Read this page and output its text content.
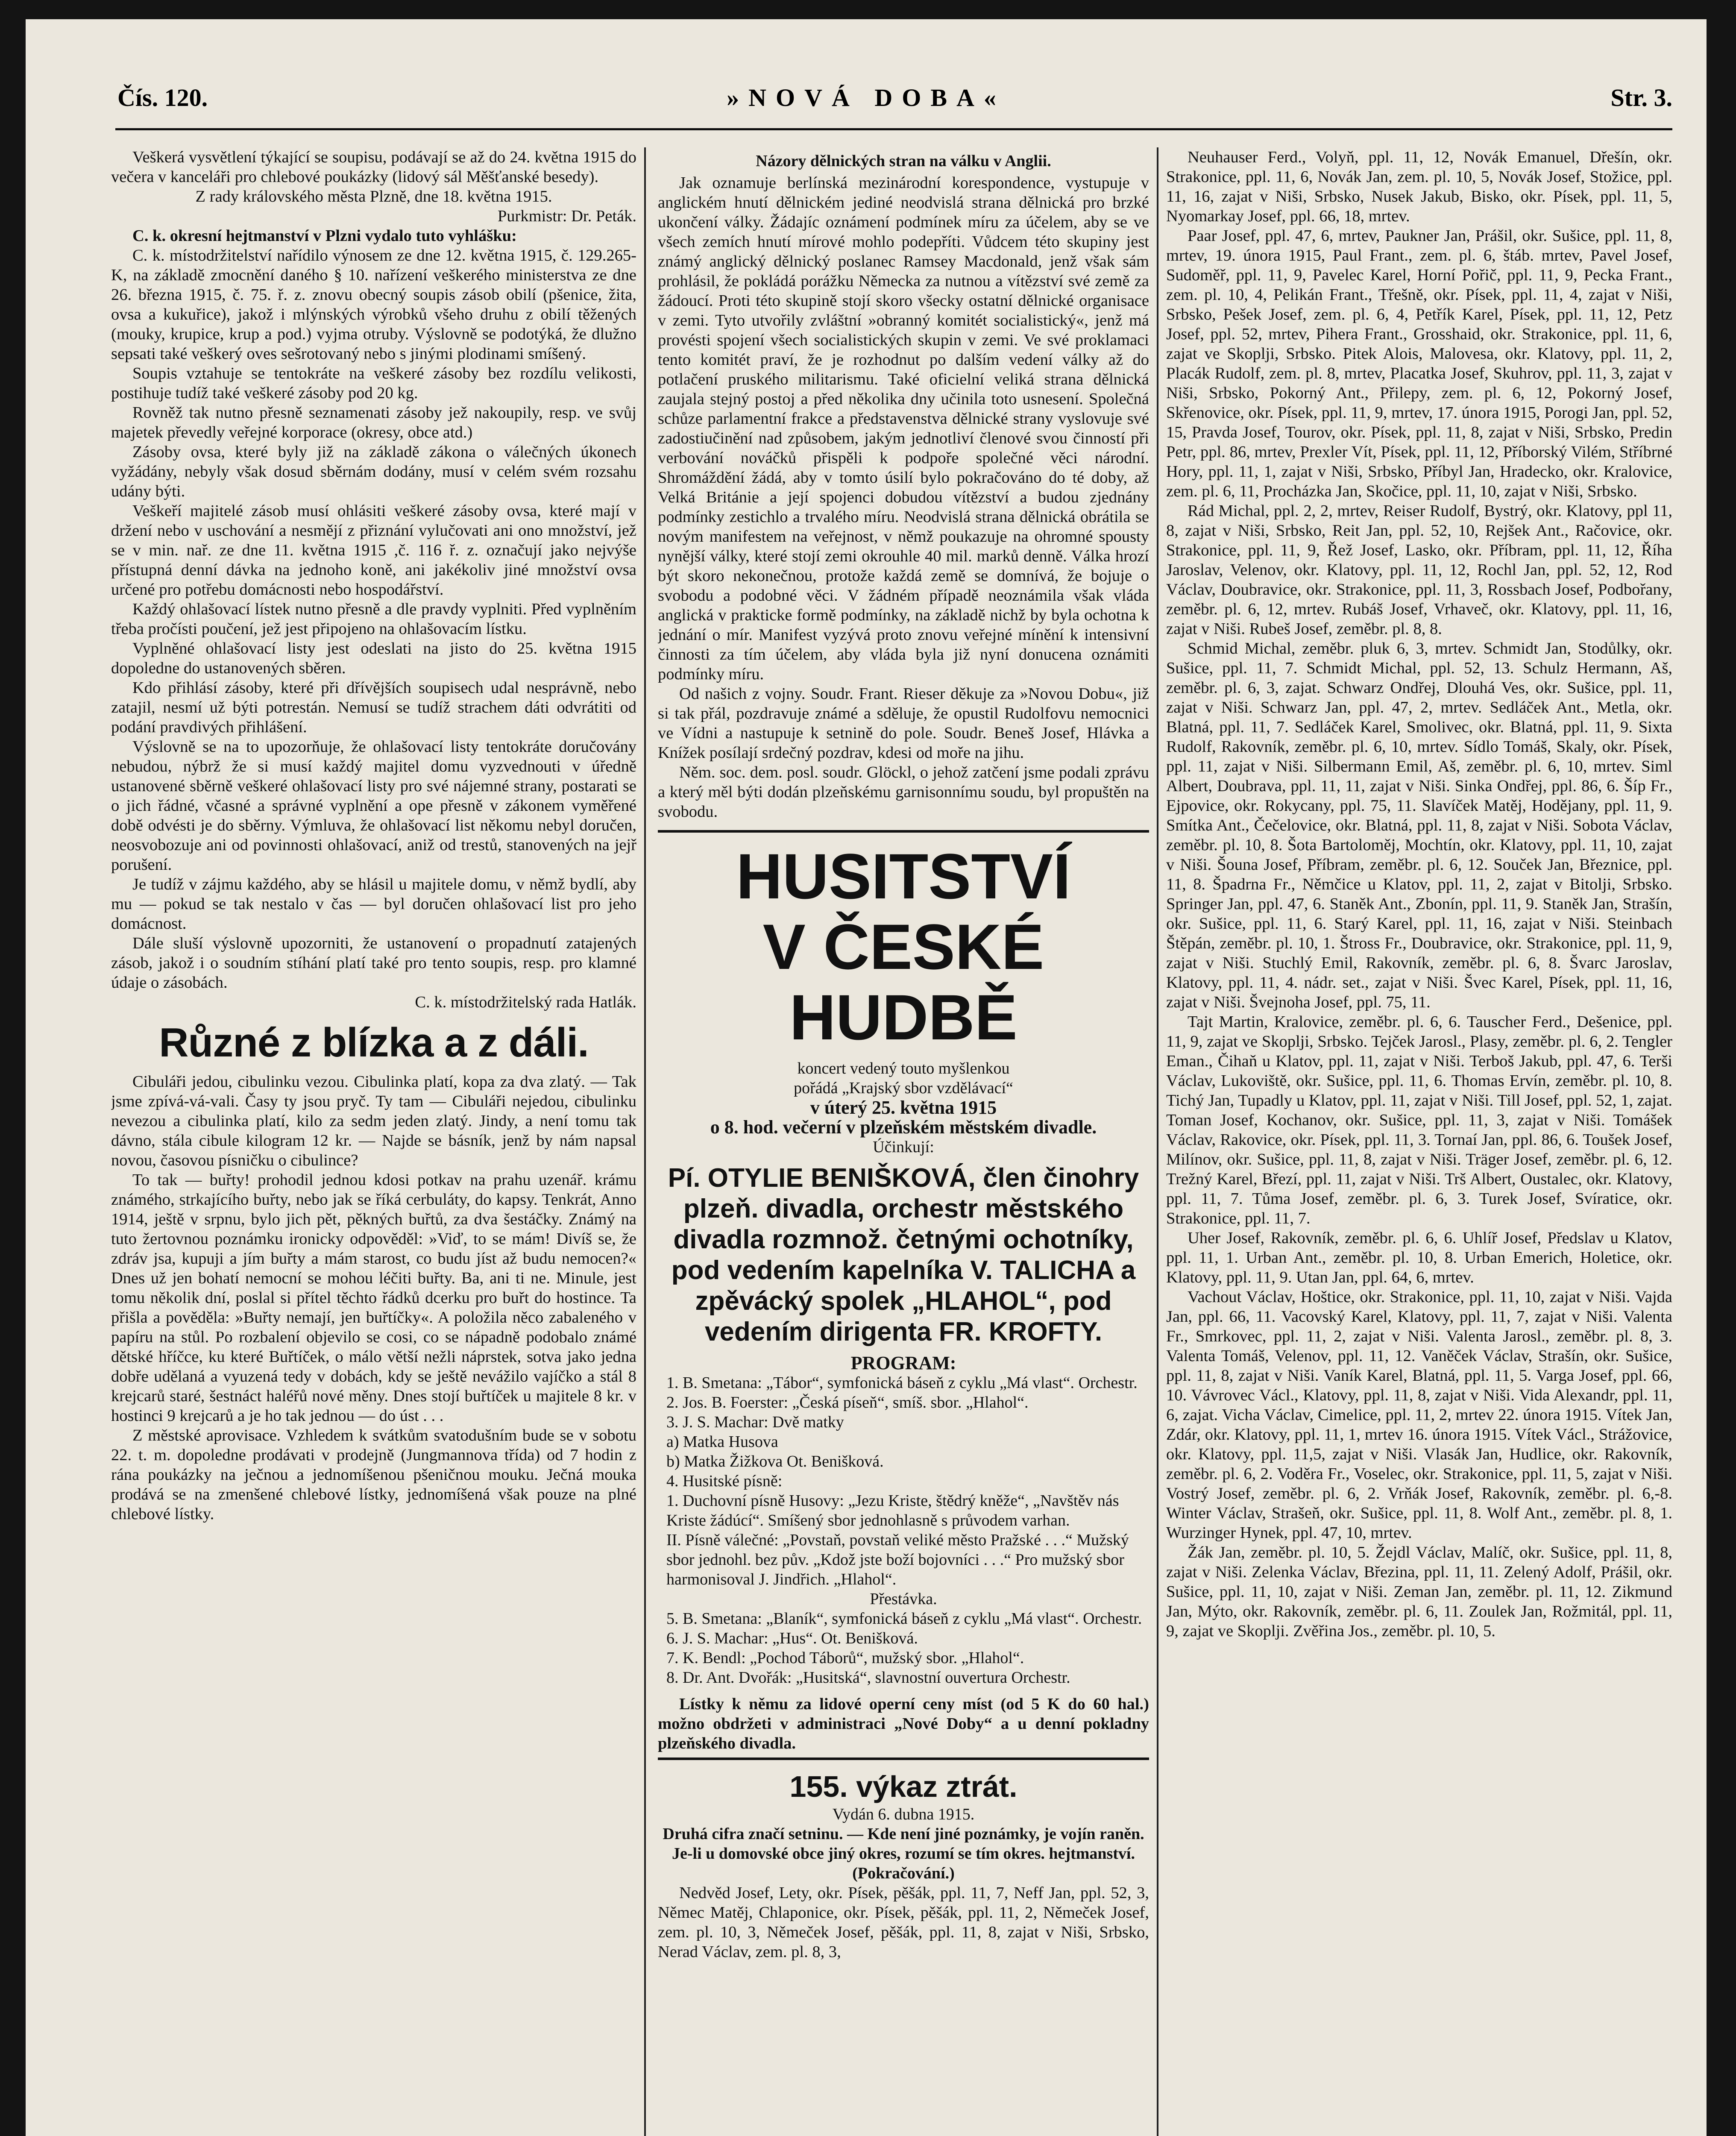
Čís. 120.	»NOVÁ DOBA«	Str. 3.

Veškerá vysvětlení týkající se soupisu, podávají se až do 24. května 1915 do večera v kanceláři pro chlebové poukázky (lidový sál Měšťanské besedy).

Z rady královského města Plzně, dne 18. května 1915.

Purkmistr: Dr. Peták.

C. k. okresní hejtmanství v Plzni vydalo tuto vyhlášku:

C. k. místodržitelství nařídilo výnosem ze dne 12. května 1915, č. 129.265-K, na základě zmocnění daného § 10. nařízení veškerého ministerstva ze dne 26. března 1915, č. 75. ř. z. znovu obecný soupis zásob obilí (pšenice, žita, ovsa a kukuřice), jakož i mlýnských výrobků všeho druhu z obilí těžených (mouky, krupice, krup a pod.) vyjma otruby. Výslovně se podotýká, že dlužno sepsati také veškerý oves sešrotovaný nebo s jinými plodinami smíšený.

Soupis vztahuje se tentokráte na veškeré zásoby bez rozdílu velikosti, postihuje tudíž také veškeré zásoby pod 20 kg.

Rovněž tak nutno přesně seznamenati zásoby jež nakoupily, resp. ve svůj majetek převedly veřejné korporace (okresy, obce atd.)

Zásoby ovsa, které byly již na základě zákona o válečných úkonech vyžádány, nebyly však dosud sběrnám dodány, musí v celém svém rozsahu udány býti.

Veškeří majitelé zásob musí ohlásiti veškeré zásoby ovsa, které mají v držení nebo v uschování a nesmějí z přiznání vylučovati ani ono množství, jež se v min. nař. ze dne 11. května 1915 ,č. 116 ř. z. označují jako nejvýše přístupná denní dávka na jednoho koně, ani jakékoliv jiné množství ovsa určené pro potřebu domácnosti nebo hospodářství.

Každý ohlašovací lístek nutno přesně a dle pravdy vyplniti. Před vyplněním třeba pročísti poučení, jež jest připojeno na ohlašovacím lístku.

Vyplněné ohlašovací listy jest odeslati na jisto do 25. května 1915 dopoledne do ustanovených sběren.

Kdo přihlásí zásoby, které při dřívějších soupisech udal nesprávně, nebo zatajil, nesmí už býti potrestán. Nemusí se tudíž strachem dáti odvrátiti od podání pravdivých přihlášení.

Výslovně se na to upozorňuje, že ohlašovací listy tentokráte doručovány nebudou, nýbrž že si musí každý majitel domu vyzvednouti v úředně ustanovené sběrně veškeré ohlašovací listy pro své nájemné strany, postarati se o jich řádné, včasné a správné vyplnění a ope přesně v zákonem vyměřené době odvésti je do sběrny. Výmluva, že ohlašovací list někomu nebyl doručen, neosvobozuje ani od povinnosti ohlašovací, aniž od trestů, stanovených na jejř porušení.

Je tudíž v zájmu každého, aby se hlásil u majitele domu, v němž bydlí, aby mu — pokud se tak nestalo v čas — byl doručen ohlašovací list pro jeho domácnost.

Dále sluší výslovně upozorniti, že ustanovení o propadnutí zatajených zásob, jakož i o soudním stíhání platí také pro tento soupis, resp. pro klamné údaje o zásobách.

C. k. místodržitelský rada Hatlák.

Různé z blízka a z dáli.

Cibuláři jedou, cibulinku vezou. Cibulinka platí, kopa za dva zlatý. — Tak jsme zpívá-vá-vali. Časy ty jsou pryč. Ty tam — Cibuláři nejedou, cibulinku nevezou a cibulinka platí, kilo za sedm jeden zlatý. Jindy, a není tomu tak dávno, stála cibule kilogram 12 kr. — Najde se básník, jenž by nám napsal novou, časovou písničku o cibulince?

To tak — buřty! prohodil jednou kdosi potkav na prahu uzenář. krámu známého, strkajícího buřty, nebo jak se říká cerbuláty, do kapsy. Tenkrát, Anno 1914, ještě v srpnu, bylo jich pět, pěkných buřtů, za dva šestáčky. Známý na tuto žertovnou poznámku ironicky odpověděl: »Viď, to se mám! Divíš se, že zdráv jsa, kupuji a jím buřty a mám starost, co budu jíst až budu nemocen?« Dnes už jen bohatí nemocní se mohou léčiti buřty. Ba, ani ti ne. Minule, jest tomu několik dní, poslal si přítel těchto řádků dcerku pro buřt do hostince. Ta přišla a pověděla: »Buřty nemají, jen buřtíčky«. A položila něco zabaleného v papíru na stůl. Po rozbalení objevilo se cosi, co se nápadně podobalo známé dětské hříčce, ku které Buřtíček, o málo větší nežli náprstek, sotva jako jedna dobře udělaná a vyuzená tedy v dobách, kdy se ještě nevážilo vajíčko a stál 8 krejcarů staré, šestnáct haléřů nové měny. Dnes stojí buřtíček u majitele 8 kr. v hostinci 9 krejcarů a je ho tak jednou — do úst . . .

Z městské aprovisace. Vzhledem k svátkům svatodušním bude se v sobotu 22. t. m. dopoledne prodávati v prodejně (Jungmannova třída) od 7 hodin z rána poukázky na ječnou a jednomíšenou pšeničnou mouku. Ječná mouka prodává se na zmenšené chlebové lístky, jednomíšená však pouze na plné chlebové lístky.

Názory dělnických stran na válku v Anglii.

Jak oznamuje berlínská mezinárodní korespondence, vystupuje v anglickém hnutí dělnickém jediné neodvislá strana dělnická pro brzké ukončení války. Žádajíc oznámení podmínek míru za účelem, aby se ve všech zemích hnutí mírové mohlo podepříti. Vůdcem této skupiny jest známý anglický dělnický poslanec Ramsey Macdonald, jenž však sám prohlásil, že pokládá porážku Německa za nutnou a vítězství své země za žádoucí. Proti této skupině stojí skoro všecky ostatní dělnické organisace v zemi. Tyto utvořily zvláštní »obranný komitét socialistický«, jenž má provésti spojení všech socialistických skupin v zemi. Ve své proklamaci tento komitét praví, že je rozhodnut po dalším vedení války až do potlačení pruského militarismu. Také oficielní veliká strana dělnická zaujala stejný postoj a před několika dny učinila toto usnesení. Společná schůze parlamentní frakce a představenstva dělnické strany vyslovuje své zadostiučinění nad způsobem, jakým jednotliví členové svou činností při verbování nováčků přispěli k podpoře společné věci národní. Shromáždění žádá, aby v tomto úsilí bylo pokračováno do té doby, až Velká Británie a její spojenci dobudou vítězství a budou zjednány podmínky zestichlo a trvalého míru. Neodvislá strana dělnická obrátila se novým manifestem na veřejnost, v němž poukazuje na ohromné spousty nynější války, které stojí zemi okrouhle 40 mil. marků denně. Válka hrozí být skoro nekonečnou, protože každá země se domnívá, že bojuje o svobodu a podobné věci. V žádném případě neoznámila však vláda anglická v prakticke formě podmínky, na základě nichž by byla ochotna k jednání o mír. Manifest vyzývá proto znovu veřejné mínění k intensivní činnosti za tím účelem, aby vláda byla již nyní donucena oznámiti podmínky míru.

Od našich z vojny. Soudr. Frant. Rieser děkuje za »Novou Dobu«, již si tak přál, pozdravuje známé a sděluje, že opustil Rudolfovu nemocnici ve Vídni a nastupuje k setnině do pole. Soudr. Beneš Josef, Hlávka a Knížek posílají srdečný pozdrav, kdesi od moře na jihu.

Něm. soc. dem. posl. soudr. Glöckl, o jehož zatčení jsme podali zprávu a který měl býti dodán plzeňskému garnisonnímu soudu, byl propuštěn na svobodu.

HUSITSTVÍ
V ČESKÉ HUDBĚ

koncert vedený touto myšlenkou

pořádá „Krajský sbor vzdělávací“

v úterý 25. května 1915

o 8. hod. večerní v plzeňském městském divadle.

Účinkují:

Pí. OTYLIE BENIŠKOVÁ, člen činohry plzeň. divadla, orchestr městského divadla rozmnož. četnými ochotníky, pod vedením kapelníka V. TALICHA a zpěvácký spolek „HLAHOL“, pod vedením dirigenta FR. KROFTY.

PROGRAM:

1. B. Smetana: „Tábor“, symfonická báseň z cyklu „Má vlast“. Orchestr.

2. Jos. B. Foerster: „Česká píseň“, smíš. sbor. „Hlahol“.

3. J. S. Machar: Dvě matky

a) Matka Husova

b) Matka Žižkova Ot. Benišková.

4. Husitské písně:

1. Duchovní písně Husovy: „Jezu Kriste, štědrý kněže“, „Navštěv nás Kriste žádúcí“. Smíšený sbor jednohlasně s průvodem varhan.

II. Písně válečné: „Povstaň, povstaň veliké město Pražské . . .“ Mužský sbor jednohl. bez pův. „Kdož jste boží bojovníci . . .“ Pro mužský sbor harmonisoval J. Jindřich. „Hlahol“.

Přestávka.

5. B. Smetana: „Blaník“, symfonická báseň z cyklu „Má vlast“. Orchestr.

6. J. S. Machar: „Hus“. Ot. Benišková.

7. K. Bendl: „Pochod Táborů“, mužský sbor. „Hlahol“.

8. Dr. Ant. Dvořák: „Husitská“, slavnostní ouvertura Orchestr.

Lístky k němu za lidové operní ceny míst (od 5 K do 60 hal.) možno obdržeti v administraci „Nové Doby“ a u denní pokladny plzeňského divadla.

155. výkaz ztrát.

Vydán 6. dubna 1915.

Druhá cifra značí setninu. — Kde není jiné poznámky, je vojín raněn. Je-li u domovské obce jiný okres, rozumí se tím okres. hejtmanství. (Pokračování.)

Nedvěd Josef, Lety, okr. Písek, pěšák, ppl. 11, 7, Neff Jan, ppl. 52, 3, Němec Matěj, Chlaponice, okr. Písek, pěšák, ppl. 11, 2, Němeček Josef, zem. pl. 10, 3, Němeček Josef, pěšák, ppl. 11, 8, zajat v Niši, Srbsko, Nerad Václav, zem. pl. 8, 3,

Neuhauser Ferd., Volyň, ppl. 11, 12, Novák Emanuel, Dřešín, okr. Strakonice, ppl. 11, 6, Novák Jan, zem. pl. 10, 5, Novák Josef, Stožice, ppl. 11, 16, zajat v Niši, Srbsko, Nusek Jakub, Bisko, okr. Písek, ppl. 11, 5, Nyomarkay Josef, ppl. 66, 18, mrtev.

Paar Josef, ppl. 47, 6, mrtev, Paukner Jan, Prášil, okr. Sušice, ppl. 11, 8, mrtev, 19. února 1915, Paul Frant., zem. pl. 6, štáb. mrtev, Pavel Josef, Sudoměř, ppl. 11, 9, Pavelec Karel, Horní Pořič, ppl. 11, 9, Pecka Frant., zem. pl. 10, 4, Pelikán Frant., Třešně, okr. Písek, ppl. 11, 4, zajat v Niši, Srbsko, Pešek Josef, zem. pl. 6, 4, Petřík Karel, Písek, ppl. 11, 12, Petz Josef, ppl. 52, mrtev, Pihera Frant., Grosshaid, okr. Strakonice, ppl. 11, 6, zajat ve Skoplji, Srbsko. Pitek Alois, Malovesa, okr. Klatovy, ppl. 11, 2, Placák Rudolf, zem. pl. 8, mrtev, Placatka Josef, Skuhrov, ppl. 11, 3, zajat v Niši, Srbsko, Pokorný Ant., Přilepy, zem. pl. 6, 12, Pokorný Josef, Skřenovice, okr. Písek, ppl. 11, 9, mrtev, 17. února 1915, Porogi Jan, ppl. 52, 15, Pravda Josef, Tourov, okr. Písek, ppl. 11, 8, zajat v Niši, Srbsko, Predin Petr, ppl. 86, mrtev, Prexler Vít, Písek, ppl. 11, 12, Příborský Vilém, Stříbrné Hory, ppl. 11, 1, zajat v Niši, Srbsko, Příbyl Jan, Hradecko, okr. Kralovice, zem. pl. 6, 11, Procházka Jan, Skočice, ppl. 11, 10, zajat v Niši, Srbsko.

Rád Michal, ppl. 2, 2, mrtev, Reiser Rudolf, Bystrý, okr. Klatovy, ppl 11, 8, zajat v Niši, Srbsko, Reit Jan, ppl. 52, 10, Rejšek Ant., Račovice, okr. Strakonice, ppl. 11, 9, Řež Josef, Lasko, okr. Příbram, ppl. 11, 12, Říha Jaroslav, Velenov, okr. Klatovy, ppl. 11, 12, Rochl Jan, ppl. 52, 12, Rod Václav, Doubravice, okr. Strakonice, ppl. 11, 3, Rossbach Josef, Podbořany, zeměbr. pl. 6, 12, mrtev. Rubáš Josef, Vrhaveč, okr. Klatovy, ppl. 11, 16, zajat v Niši. Rubeš Josef, zeměbr. pl. 8, 8.

Schmid Michal, zeměbr. pluk 6, 3, mrtev. Schmidt Jan, Stodůlky, okr. Sušice, ppl. 11, 7. Schmidt Michal, ppl. 52, 13. Schulz Hermann, Aš, zeměbr. pl. 6, 3, zajat. Schwarz Ondřej, Dlouhá Ves, okr. Sušice, ppl. 11, zajat v Niši. Schwarz Jan, ppl. 47, 2, mrtev. Sedláček Ant., Metla, okr. Blatná, ppl. 11, 7. Sedláček Karel, Smolivec, okr. Blatná, ppl. 11, 9. Sixta Rudolf, Rakovník, zeměbr. pl. 6, 10, mrtev. Sídlo Tomáš, Skaly, okr. Písek, ppl. 11, zajat v Niši. Silbermann Emil, Aš, zeměbr. pl. 6, 10, mrtev. Siml Albert, Doubrava, ppl. 11, 11, zajat v Niši. Sinka Ondřej, ppl. 86, 6. Šíp Fr., Ejpovice, okr. Rokycany, ppl. 75, 11. Slavíček Matěj, Hodějany, ppl. 11, 9. Smítka Ant., Čečelovice, okr. Blatná, ppl. 11, 8, zajat v Niši. Sobota Václav, zeměbr. pl. 10, 8. Šota Bartoloměj, Mochtín, okr. Klatovy, ppl. 11, 10, zajat v Niši. Šouna Josef, Příbram, zeměbr. pl. 6, 12. Souček Jan, Březnice, ppl. 11, 8. Špadrna Fr., Němčice u Klatov, ppl. 11, 2, zajat v Bitolji, Srbsko. Springer Jan, ppl. 47, 6. Staněk Ant., Zbonín, ppl. 11, 9. Staněk Jan, Strašín, okr. Sušice, ppl. 11, 6. Starý Karel, ppl. 11, 16, zajat v Niši. Steinbach Štěpán, zeměbr. pl. 10, 1. Štross Fr., Doubravice, okr. Strakonice, ppl. 11, 9, zajat v Niši. Stuchlý Emil, Rakovník, zeměbr. pl. 6, 8. Švarc Jaroslav, Klatovy, ppl. 11, 4. nádr. set., zajat v Niši. Švec Karel, Písek, ppl. 11, 16, zajat v Niši. Švejnoha Josef, ppl. 75, 11.

Tajt Martin, Kralovice, zeměbr. pl. 6, 6. Tauscher Ferd., Dešenice, ppl. 11, 9, zajat ve Skoplji, Srbsko. Tejček Jarosl., Plasy, zeměbr. pl. 6, 2. Tengler Eman., Čihaň u Klatov, ppl. 11, zajat v Niši. Terboš Jakub, ppl. 47, 6. Terši Václav, Lukoviště, okr. Sušice, ppl. 11, 6. Thomas Ervín, zeměbr. pl. 10, 8. Tichý Jan, Tupadly u Klatov, ppl. 11, zajat v Niši. Till Josef, ppl. 52, 1, zajat. Toman Josef, Kochanov, okr. Sušice, ppl. 11, 3, zajat v Niši. Tomášek Václav, Rakovice, okr. Písek, ppl. 11, 3. Tornaí Jan, ppl. 86, 6. Toušek Josef, Milínov, okr. Sušice, ppl. 11, 8, zajat v Niši. Träger Josef, zeměbr. pl. 6, 12. Trežný Karel, Březí, ppl. 11, zajat v Niši. Trš Albert, Oustalec, okr. Klatovy, ppl. 11, 7. Tůma Josef, zeměbr. pl. 6, 3. Turek Josef, Svíratice, okr. Strakonice, ppl. 11, 7.

Uher Josef, Rakovník, zeměbr. pl. 6, 6. Uhlíř Josef, Předslav u Klatov, ppl. 11, 1. Urban Ant., zeměbr. pl. 10, 8. Urban Emerich, Holetice, okr. Klatovy, ppl. 11, 9. Utan Jan, ppl. 64, 6, mrtev.

Vachout Václav, Hoštice, okr. Strakonice, ppl. 11, 10, zajat v Niši. Vajda Jan, ppl. 66, 11. Vacovský Karel, Klatovy, ppl. 11, 7, zajat v Niši. Valenta Fr., Smrkovec, ppl. 11, 2, zajat v Niši. Valenta Jarosl., zeměbr. pl. 8, 3. Valenta Tomáš, Velenov, ppl. 11, 12. Vaněček Václav, Strašín, okr. Sušice, ppl. 11, 8, zajat v Niši. Vaník Karel, Blatná, ppl. 11, 5. Varga Josef, ppl. 66, 10. Vávrovec Václ., Klatovy, ppl. 11, 8, zajat v Niši. Vida Alexandr, ppl. 11, 6, zajat. Vicha Václav, Cimelice, ppl. 11, 2, mrtev 22. února 1915. Vítek Jan, Zdár, okr. Klatovy, ppl. 11, 1, mrtev 16. února 1915. Vítek Václ., Strážovice, okr. Klatovy, ppl. 11,5, zajat v Niši. Vlasák Jan, Hudlice, okr. Rakovník, zeměbr. pl. 6, 2. Voděra Fr., Voselec, okr. Strakonice, ppl. 11, 5, zajat v Niši. Vostrý Josef, zeměbr. pl. 6, 2. Vrňák Josef, Rakovník, zeměbr. pl. 6,-8. Winter Václav, Strašeň, okr. Sušice, ppl. 11, 8. Wolf Ant., zeměbr. pl. 8, 1. Wurzinger Hynek, ppl. 47, 10, mrtev.

Žák Jan, zeměbr. pl. 10, 5. Žejdl Václav, Malíč, okr. Sušice, ppl. 11, 8, zajat v Niši. Zelenka Václav, Březina, ppl. 11, 11. Zelený Adolf, Prášil, okr. Sušice, ppl. 11, 10, zajat v Niši. Zeman Jan, zeměbr. pl. 11, 12. Zikmund Jan, Mýto, okr. Rakovník, zeměbr. pl. 6, 11. Zoulek Jan, Rožmitál, ppl. 11, 9, zajat ve Skoplji. Zvěřina Jos., zeměbr. pl. 10, 5.
